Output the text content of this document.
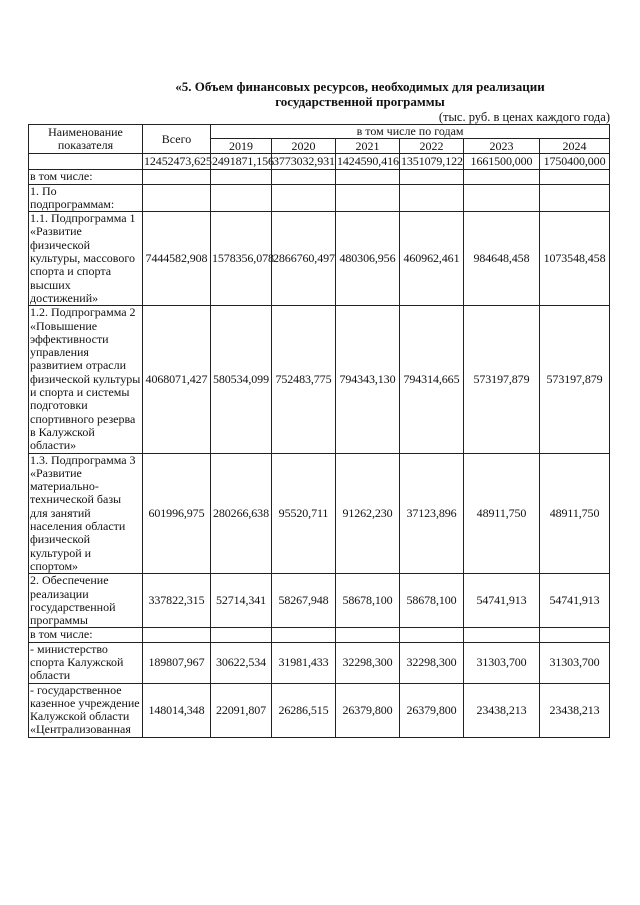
«5. Объем финансовых ресурсов, необходимых для реализации
государственной программы
(тыс. руб. в ценах каждого года)
Наименование
показателя	Всего	в том числе по годам					
		2019	2020	2021	2022	2023	2024
	12452473,625	2491871,156	3773032,931	1424590,416	1351079,122	1661500,000	1750400,000
в том числе:							
1. По подпрограммам:							
1.1. Подпрограмма 1 «Развитие физической культуры, массового спорта и спорта высших достижений»	7444582,908	1578356,078	2866760,497	480306,956	460962,461	984648,458	1073548,458
1.2. Подпрограмма 2 «Повышение эффективности управления развитием отрасли физической культуры и спорта и системы подготовки спортивного резерва в Калужской области»	4068071,427	580534,099	752483,775	794343,130	794314,665	573197,879	573197,879
1.3. Подпрограмма 3 «Развитие материально-технической базы для занятий населения области физической культурой и спортом»	601996,975	280266,638	95520,711	91262,230	37123,896	48911,750	48911,750
2. Обеспечение реализации государственной программы	337822,315	52714,341	58267,948	58678,100	58678,100	54741,913	54741,913
в том числе:							
- министерство спорта Калужской области	189807,967	30622,534	31981,433	32298,300	32298,300	31303,700	31303,700
- государственное казенное учреждение Калужской области «Централизованная	148014,348	22091,807	26286,515	26379,800	26379,800	23438,213	23438,213
